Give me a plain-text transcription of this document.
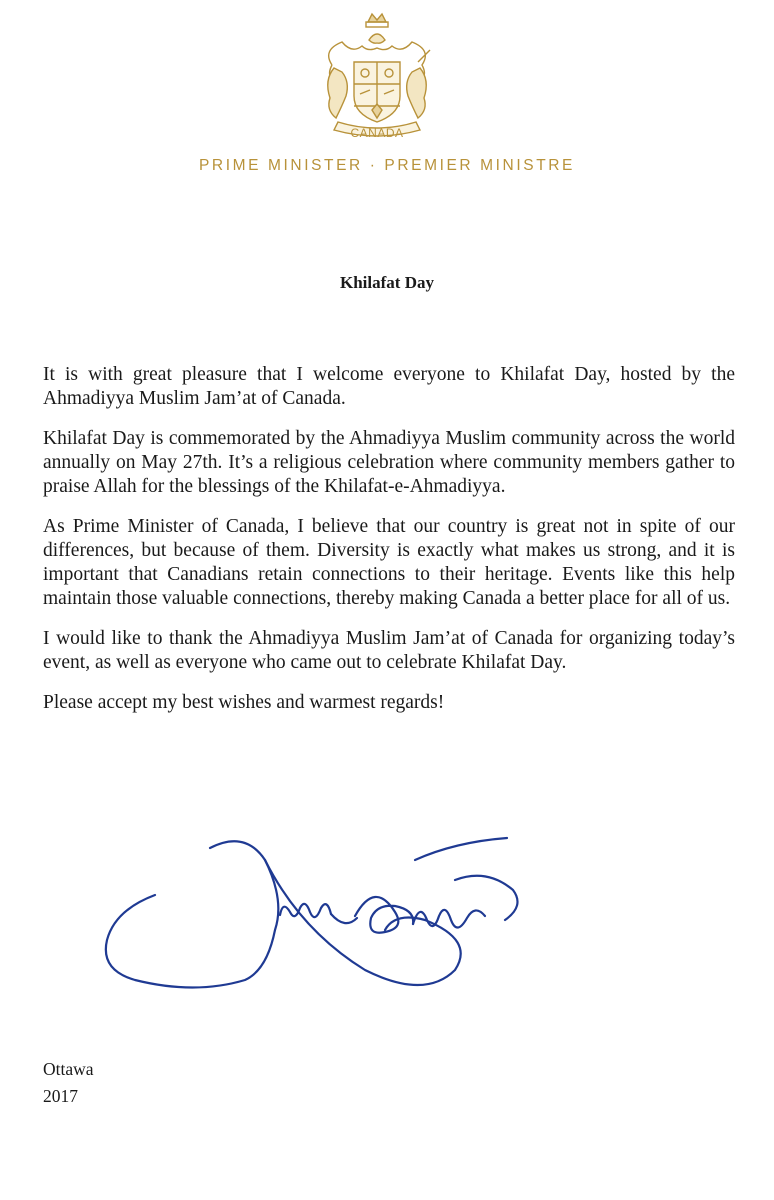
CANADA
PRIME MINISTER · PREMIER MINISTRE
Khilafat Day

It is with great pleasure that I welcome everyone to Khilafat Day, hosted by the Ahmadiyya Muslim Jam’at of Canada.

Khilafat Day is commemorated by the Ahmadiyya Muslim community across the world annually on May 27th. It’s a religious celebration where community members gather to praise Allah for the blessings of the Khilafat-e-Ahmadiyya.

As Prime Minister of Canada, I believe that our country is great not in spite of our differences, but because of them. Diversity is exactly what makes us strong, and it is important that Canadians retain connections to their heritage. Events like this help maintain those valuable connections, thereby making Canada a better place for all of us.

I would like to thank the Ahmadiyya Muslim Jam’at of Canada for organizing today’s event, as well as everyone who came out to celebrate Khilafat Day.

Please accept my best wishes and warmest regards!

Ottawa
2017
